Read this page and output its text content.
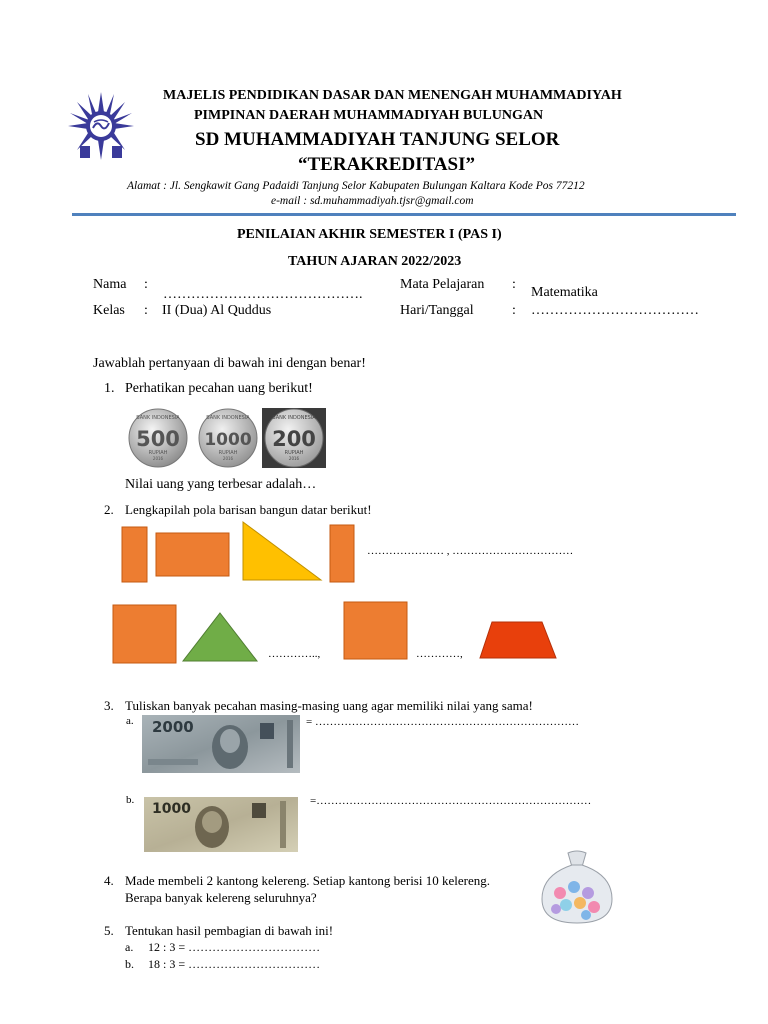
MAJELIS PENDIDIKAN DASAR DAN MENENGAH MUHAMMADIYAH
PIMPINAN DAERAH MUHAMMADIYAH BULUNGAN
SD MUHAMMADIYAH TANJUNG SELOR
“TERAKREDITASI”
Alamat : Jl. Sengkawit Gang Padaidi Tanjung Selor Kabupaten Bulungan Kaltara Kode Pos 77212
e-mail : sd.muhammadiyah.tjsr@gmail.com
PENILAIAN AKHIR SEMESTER I (PAS I)
TAHUN AJARAN 2022/2023
Nama :
…………………………………….
Kelas : II (Dua) Al Quddus
Mata Pelajaran :
Matematika
Hari/Tanggal	: ………………………………
Jawablah pertanyaan di bawah ini dengan benar!
1. Perhatikan pecahan uang berikut!
BANK INDONESIA
500
RUPIAH
2016
BANK INDONESIA
1000
RUPIAH
2016
BANK INDONESIA
200
RUPIAH
2016
Nilai uang yang terbesar adalah…
2. Lengkapilah pola barisan bangun datar berikut!
………………… , ……………………………
…………..,	…………,
3. Tuliskan banyak pecahan masing-masing uang agar memiliki nilai yang sama!
a. 2000	= ………………………………………………………………
b.
1000	=…………………………………………………………………
4. Made membeli 2 kantong kelereng. Setiap kantong berisi 10 kelereng.
Berapa banyak kelereng seluruhnya?
5. Tentukan hasil pembagian di bawah ini!
a. 12 : 3 = ……………………………
b. 18 : 3 = ……………………………
